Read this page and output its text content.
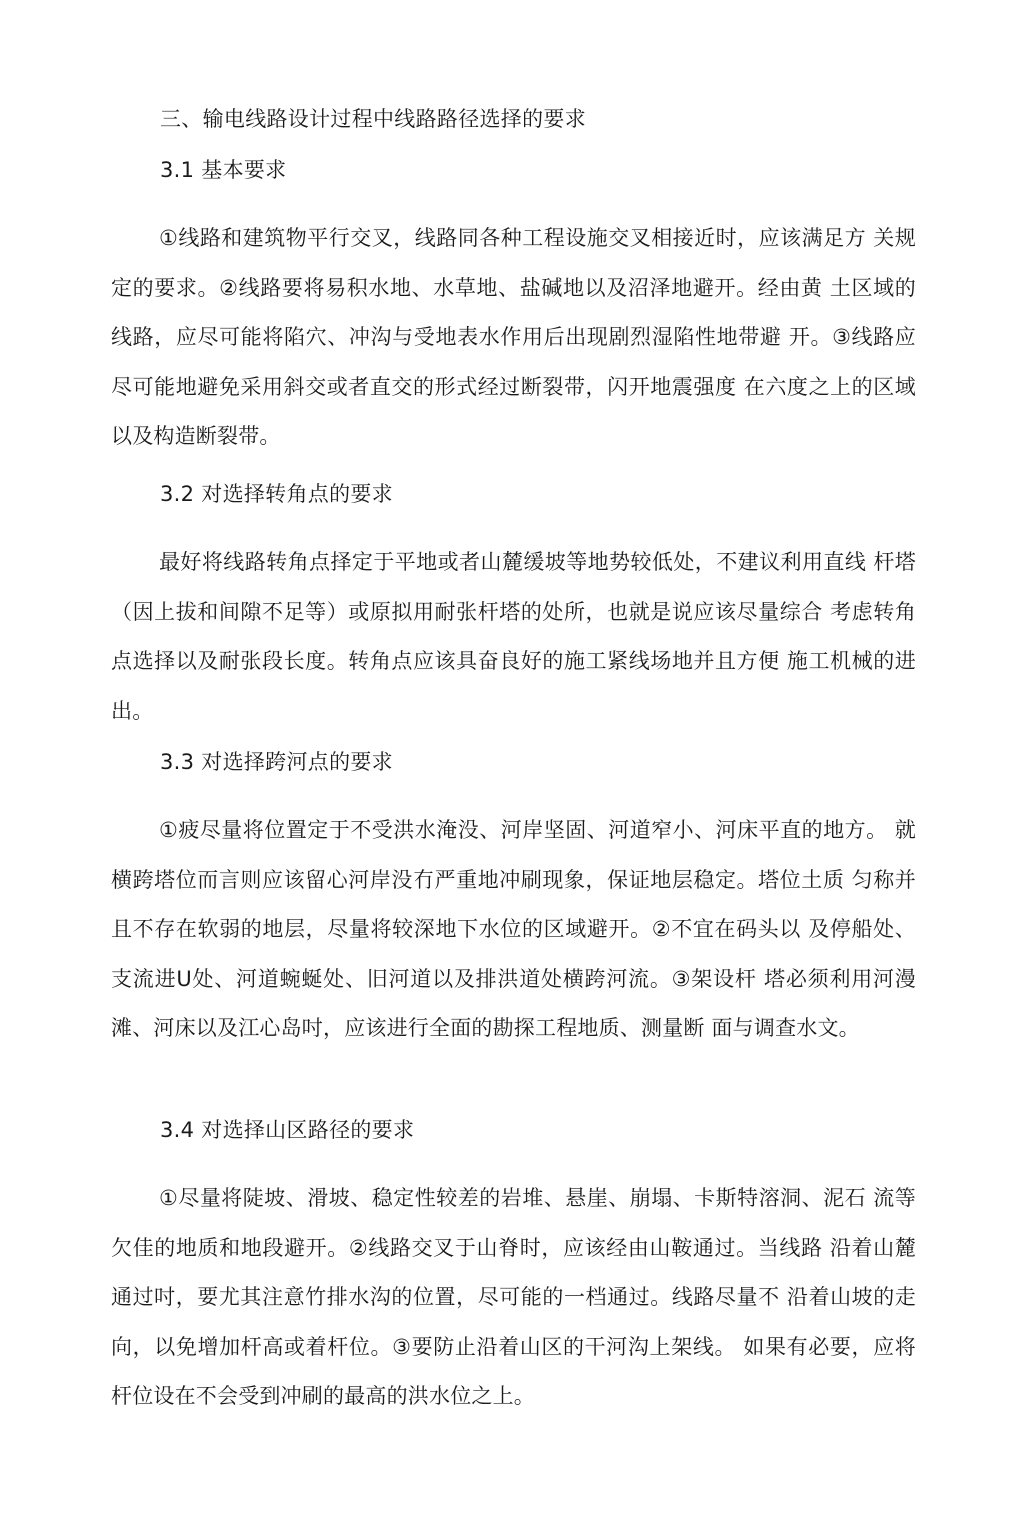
三、输电线路设计过程中线路路径选择的要求
3.1 基本要求
①线路和建筑物平行交叉，线路同各种工程设施交叉相接近时，应该满足方 关规定的要求。②线路要将易积水地、水草地、盐碱地以及沼泽地避开。经由黄 土区域的线路，应尽可能将陷穴、冲沟与受地表水作用后出现剧烈湿陷性地带避 开。③线路应尽可能地避免采用斜交或者直交的形式经过断裂带，闪开地震强度 在六度之上的区域以及构造断裂带。
3.2 对选择转角点的要求
最好将线路转角点择定于平地或者山麓缓坡等地势较低处，不建议利用直线 杆塔（因上拔和间隙不足等）或原拟用耐张杆塔的处所，也就是说应该尽量综合 考虑转角点选择以及耐张段长度。转角点应该具奋良好的施工紧线场地并且方便 施工机械的进出。
3.3 对选择跨河点的要求
①疲尽量将位置定于不受洪水淹没、河岸坚固、河道窄小、河床平直的地方。 就横跨塔位而言则应该留心河岸没冇严重地冲刷现象，保证地层稳定。塔位土质 匀称并且不存在软弱的地层，尽量将较深地下水位的区域避开。②不宜在码头以 及停船处、支流进U处、河道蜿蜒处、旧河道以及排洪道处横跨河流。③架设杆 塔必须利用河漫滩、河床以及江心岛吋，应该进行全面的勘探工程地质、测量断 面与调查水文。
3.4 对选择山区路径的要求
①尽量将陡坡、滑坡、稳定性较差的岩堆、悬崖、崩塌、卡斯特溶洞、泥石 流等欠佳的地质和地段避开。②线路交叉于山脊时，应该经由山鞍通过。当线路 沿着山麓通过吋，要尤其注意竹排水沟的位置，尽可能的一档通过。线路尽量不 沿着山坡的走向，以免增加杆高或着杆位。③要防止沿着山区的干河沟上架线。 如果有必要，应将杆位设在不会受到冲刷的最高的洪水位之上。
